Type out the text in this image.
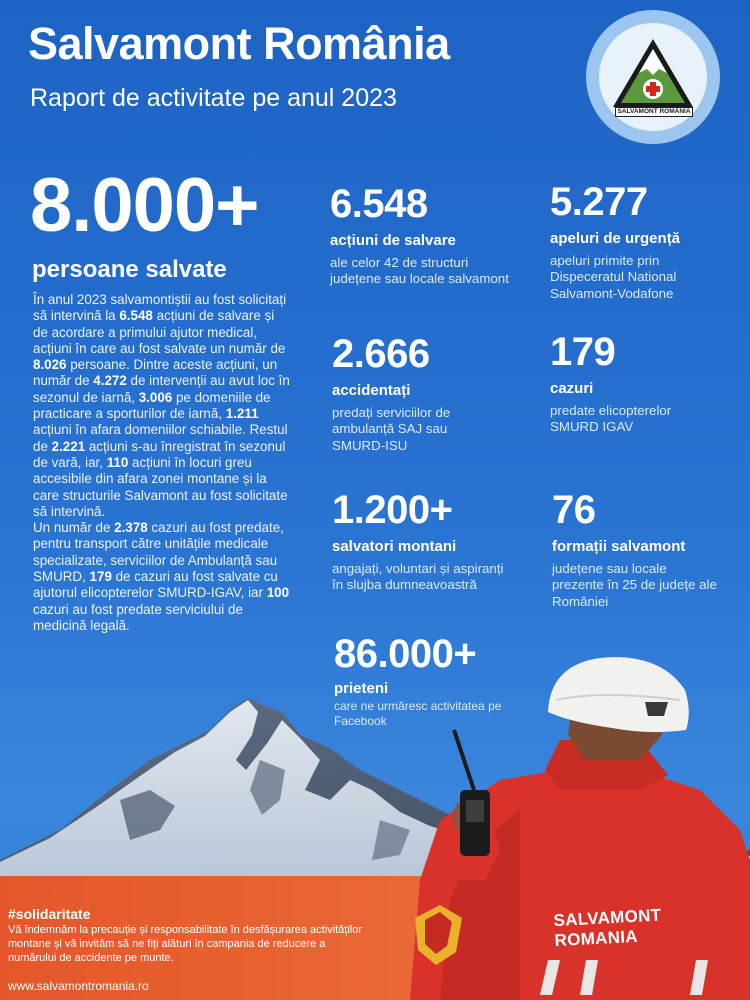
SALVAMONT ROMANIA
Salvamont România
Raport de activitate pe anul 2023	SALVAMONT ROMÂNIA
8.000+
persoane salvate
În anul 2023 salvamontiștii au fost solicitați să intervină la 6.548 acțiuni de salvare și de acordare a primului ajutor medical, acțiuni în care au fost salvate un număr de 8.026 persoane. Dintre aceste acțiuni, un număr de 4.272 de intervenții au avut loc în sezonul de iarnă, 3.006 pe domeniile de practicare a sporturilor de iarnă, 1.211 acțiuni în afara domeniilor schiabile. Restul de 2.221 acțiuni s-au înregistrat în sezonul de vară, iar, 110 acțiuni în locuri greu accesibile din afara zonei montane și la care structurile Salvamont au fost solicitate să intervină.
Un număr de 2.378 cazuri au fost predate, pentru transport către unitățile medicale specializate, serviciilor de Ambulanță sau SMURD, 179 de cazuri au fost salvate cu ajutorul elicopterelor SMURD-IGAV, iar 100 cazuri au fost predate serviciului de medicină legală.
6.548
acțiuni de salvare
ale celor 42 de structuri județene sau locale salvamont
5.277
apeluri de urgență
apeluri primite prin Dispeceratul National Salvamont-Vodafone
2.666
accidentați
predați serviciilor de ambulanță SAJ sau SMURD-ISU
179
cazuri
predate elicopterelor SMURD IGAV
1.200+
salvatori montani
angajați, voluntari și aspiranți în slujba dumneavoastră
76
formații salvamont
județene sau locale prezente în 25 de județe ale României
86.000+
prieteni
care ne urmăresc activitatea pe Facebook
#solidaritate
Vă îndemnăm la precauție și responsabilitate în desfășurarea activităților montane și vă invităm să ne fiți alături în campania de reducere a numărului de accidente pe munte.
www.salvamontromania.ro
